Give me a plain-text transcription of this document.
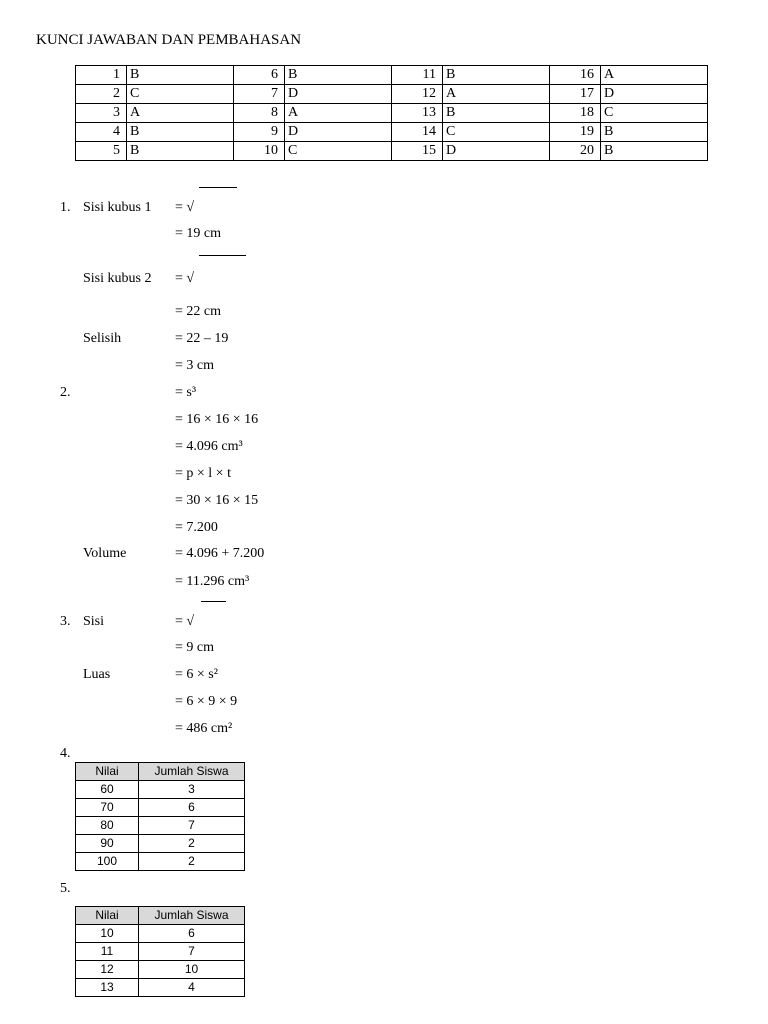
KUNCI JAWABAN DAN PEMBAHASAN
1	B	6	B	11	B	16	A
2	C	7	D	12	A	17	D
3	A	8	A	13	B	18	C
4	B	9	D	14	C	19	B
5	B	10	C	15	D	20	B
1. Sisi kubus 1 = √
= 19 cm
Sisi kubus 2 = √
= 22 cm
Selisih	= 22 – 19
= 3 cm
2.	= s³
= 16 × 16 × 16
= 4.096 cm³
= p × l × t
= 30 × 16 × 15
= 7.200
Volume	= 4.096 + 7.200
= 11.296 cm³
3. Sisi	= √
= 9 cm
Luas	= 6 × s²
= 6 × 9 × 9
= 486 cm²
4.
Nilai	Jumlah Siswa
60	3
70	6
80	7
90	2
100	2
5.
Nilai	Jumlah Siswa
10	6
11	7
12	10
13	4
